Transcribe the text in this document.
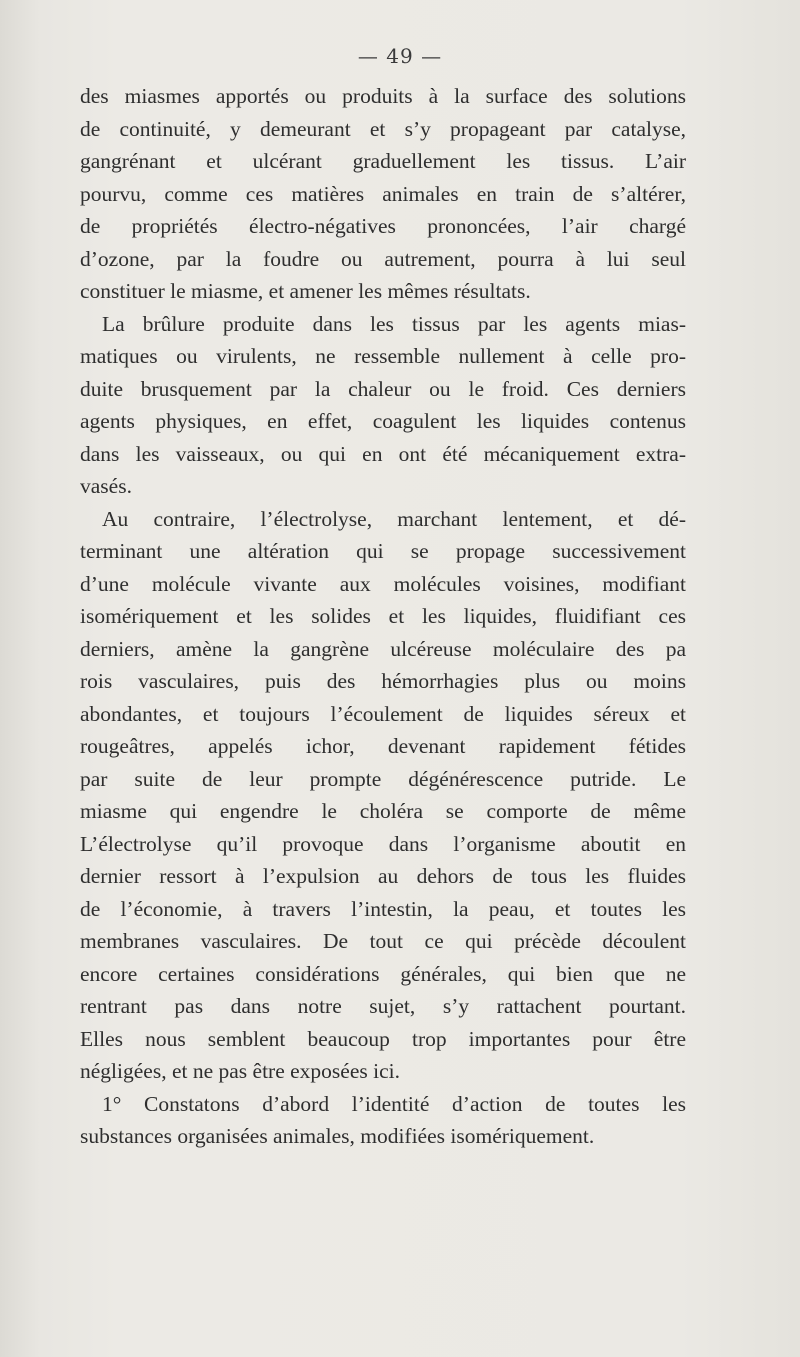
— 49 —
des miasmes apportés ou produits à la surface des solutions
de continuité, y demeurant et s’y propageant par catalyse,
gangrénant et ulcérant graduellement les tissus. L’air
pourvu, comme ces matières animales en train de s’altérer,
de propriétés électro-négatives prononcées, l’air chargé
d’ozone, par la foudre ou autrement, pourra à lui seul
constituer le miasme, et amener les mêmes résultats.
La brûlure produite dans les tissus par les agents mias-
matiques ou virulents, ne ressemble nullement à celle pro-
duite brusquement par la chaleur ou le froid. Ces derniers
agents physiques, en effet, coagulent les liquides contenus
dans les vaisseaux, ou qui en ont été mécaniquement extra-
vasés.
Au contraire, l’électrolyse, marchant lentement, et dé-
terminant une altération qui se propage successivement
d’une molécule vivante aux molécules voisines, modifiant
isomériquement et les solides et les liquides, fluidifiant ces
derniers, amène la gangrène ulcéreuse moléculaire des pa
rois vasculaires, puis des hémorrhagies plus ou moins
abondantes, et toujours l’écoulement de liquides séreux et
rougeâtres, appelés ichor, devenant rapidement fétides
par suite de leur prompte dégénérescence putride. Le
miasme qui engendre le choléra se comporte de même
L’électrolyse qu’il provoque dans l’organisme aboutit en
dernier ressort à l’expulsion au dehors de tous les fluides
de l’économie, à travers l’intestin, la peau, et toutes les
membranes vasculaires. De tout ce qui précède découlent
encore certaines considérations générales, qui bien que ne
rentrant pas dans notre sujet, s’y rattachent pourtant.
Elles nous semblent beaucoup trop importantes pour être
négligées, et ne pas être exposées ici.
1° Constatons d’abord l’identité d’action de toutes les
substances organisées animales, modifiées isomériquement.
